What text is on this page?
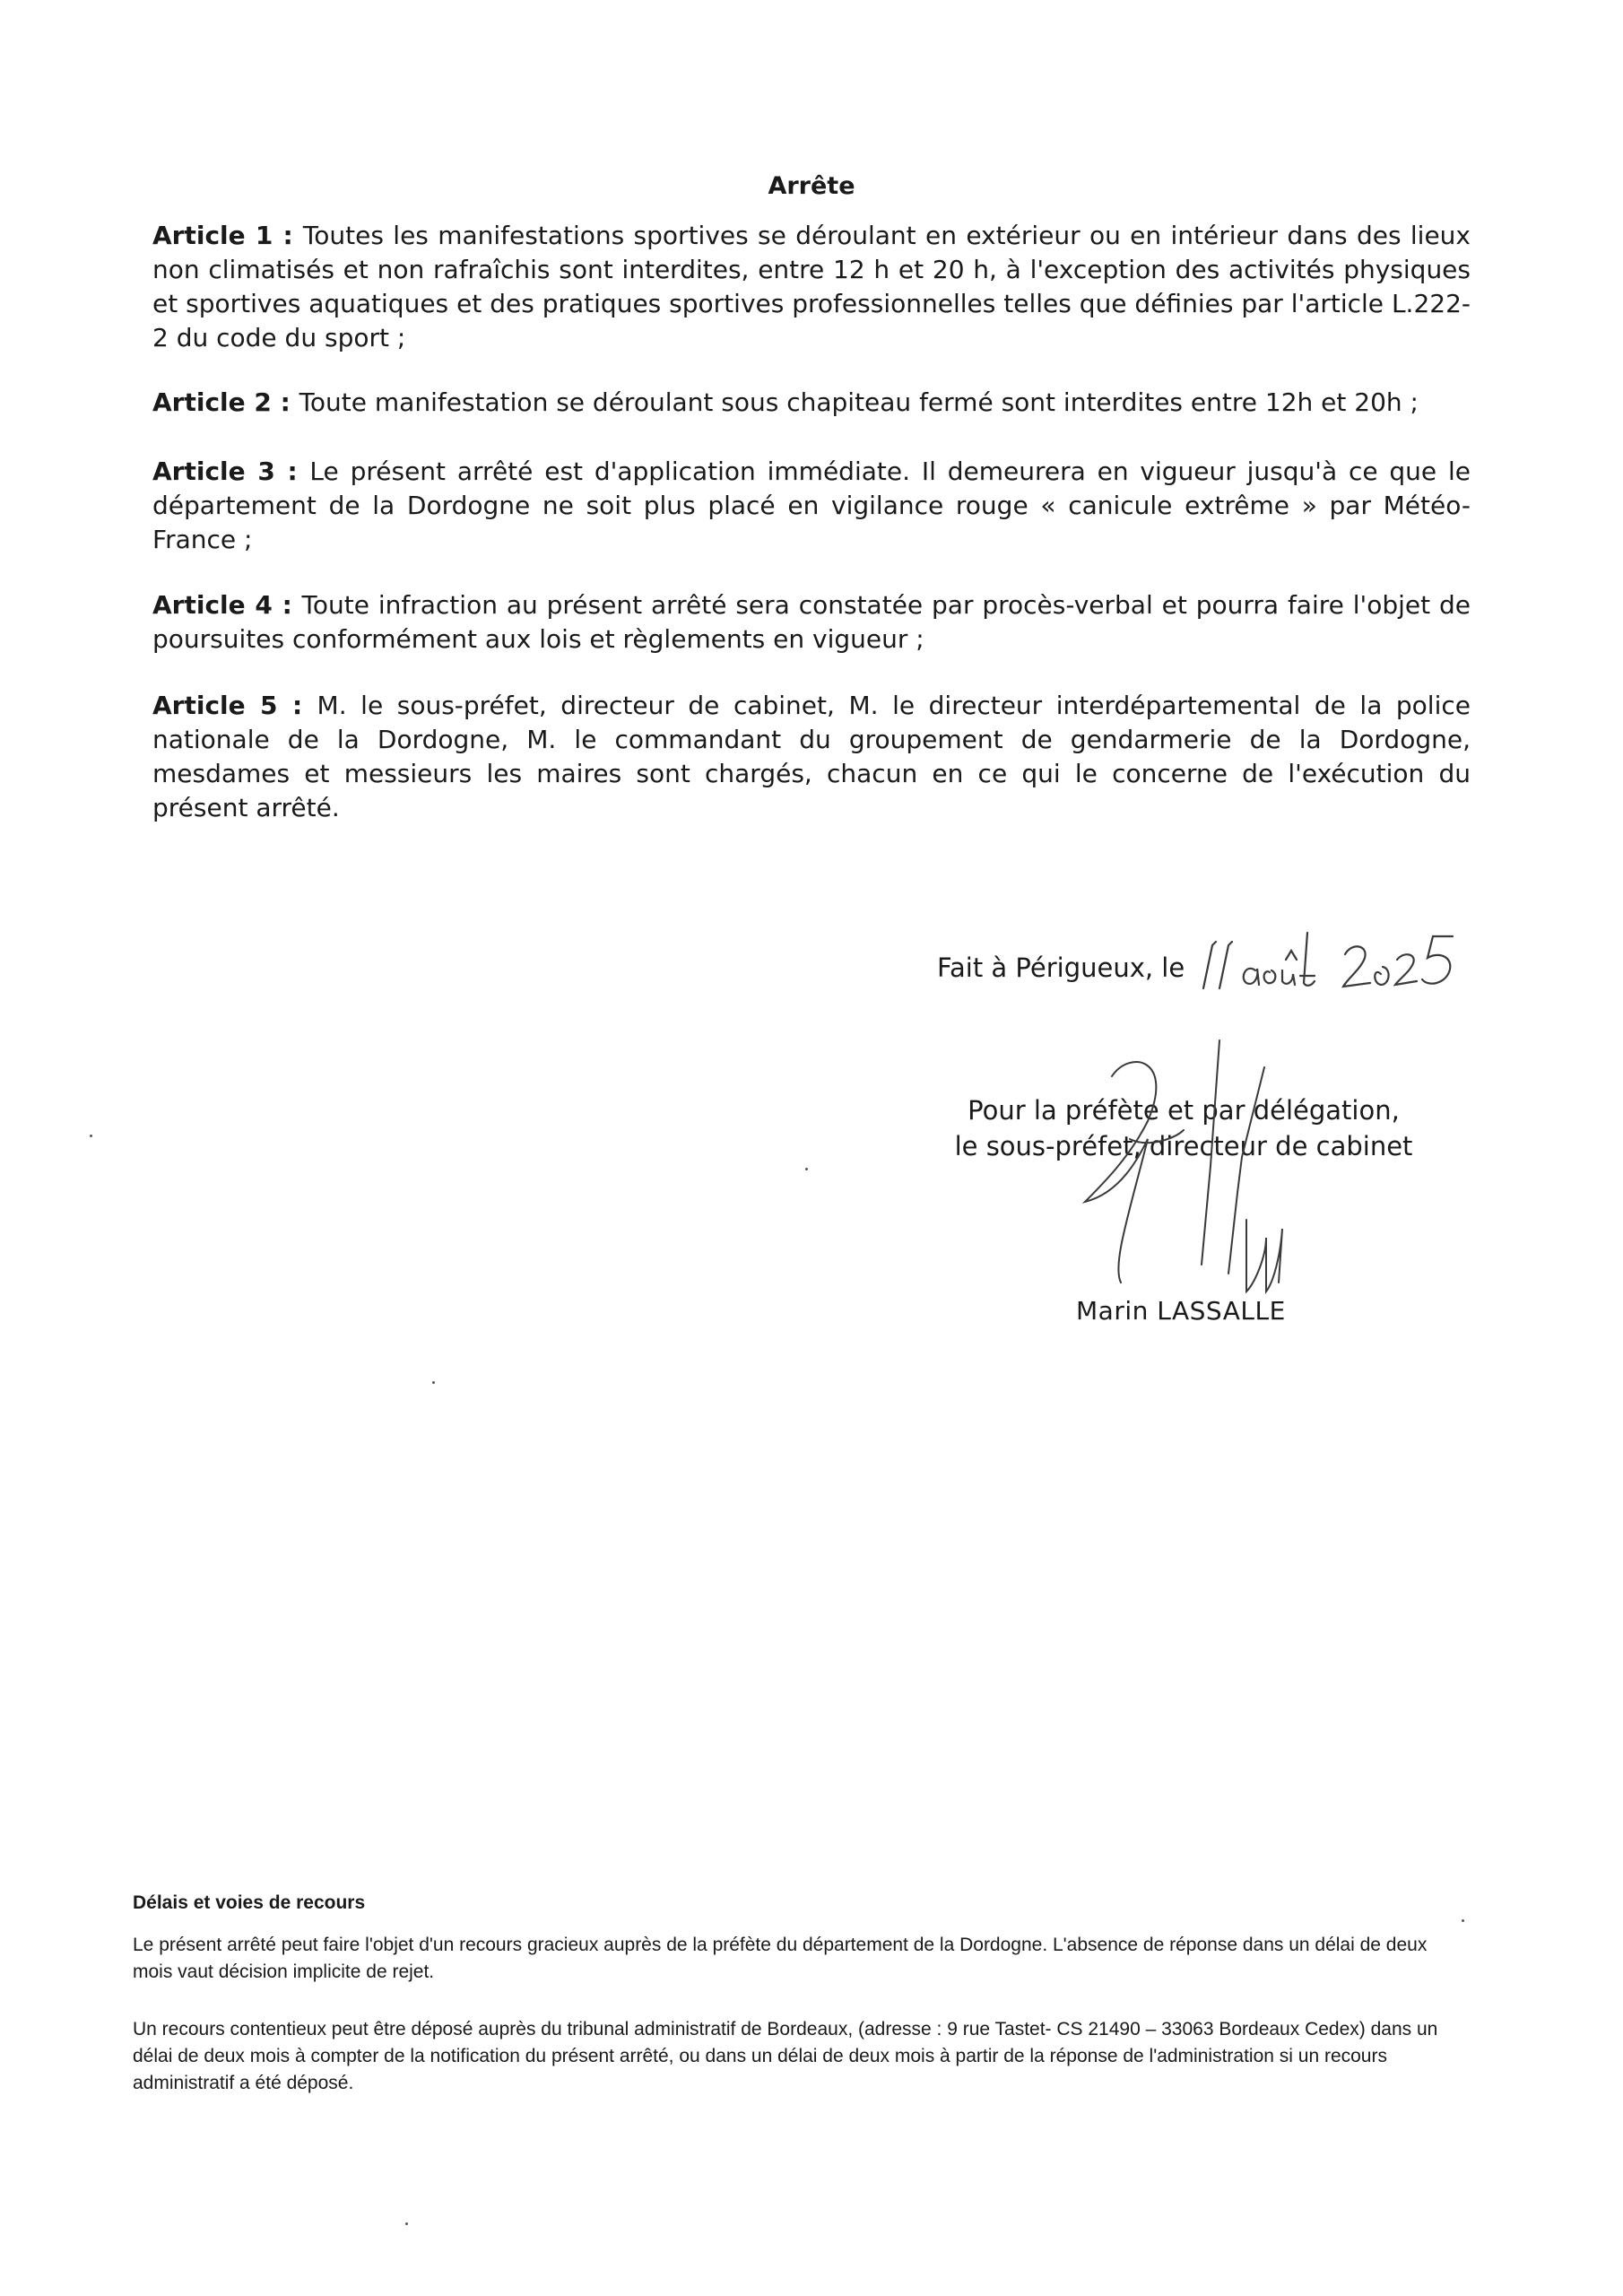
Arrête
Article 1 : Toutes les manifestations sportives se déroulant en extérieur ou en intérieur dans des lieux non climatisés et non rafraîchis sont interdites, entre 12 h et 20 h, à l'exception des activités physiques et sportives aquatiques et des pratiques sportives professionnelles telles que définies par l'article L.222-2 du code du sport ;
Article 2 : Toute manifestation se déroulant sous chapiteau fermé sont interdites entre 12h et 20h ;
Article 3 : Le présent arrêté est d'application immédiate. Il demeurera en vigueur jusqu'à ce que le département de la Dordogne ne soit plus placé en vigilance rouge « canicule extrême » par Météo-France ;
Article 4 : Toute infraction au présent arrêté sera constatée par procès-verbal et pourra faire l'objet de poursuites conformément aux lois et règlements en vigueur ;
Article 5 : M. le sous-préfet, directeur de cabinet, M. le directeur interdépartemental de la police nationale de la Dordogne, M. le commandant du groupement de gendarmerie de la Dordogne, mesdames et messieurs les maires sont chargés, chacun en ce qui le concerne de l'exécution du présent arrêté.
Fait à Périgueux, le
Pour la préfète et par délégation,
le sous-préfet, directeur de cabinet
Marin LASSALLE
Délais et voies de recours
Le présent arrêté peut faire l'objet d'un recours gracieux auprès de la préfète du département de la Dordogne. L'absence de réponse dans un délai de deux mois vaut décision implicite de rejet.
Un recours contentieux peut être déposé auprès du tribunal administratif de Bordeaux, (adresse : 9 rue Tastet- CS 21490 – 33063 Bordeaux Cedex) dans un délai de deux mois à compter de la notification du présent arrêté, ou dans un délai de deux mois à partir de la réponse de l'administration si un recours administratif a été déposé.
